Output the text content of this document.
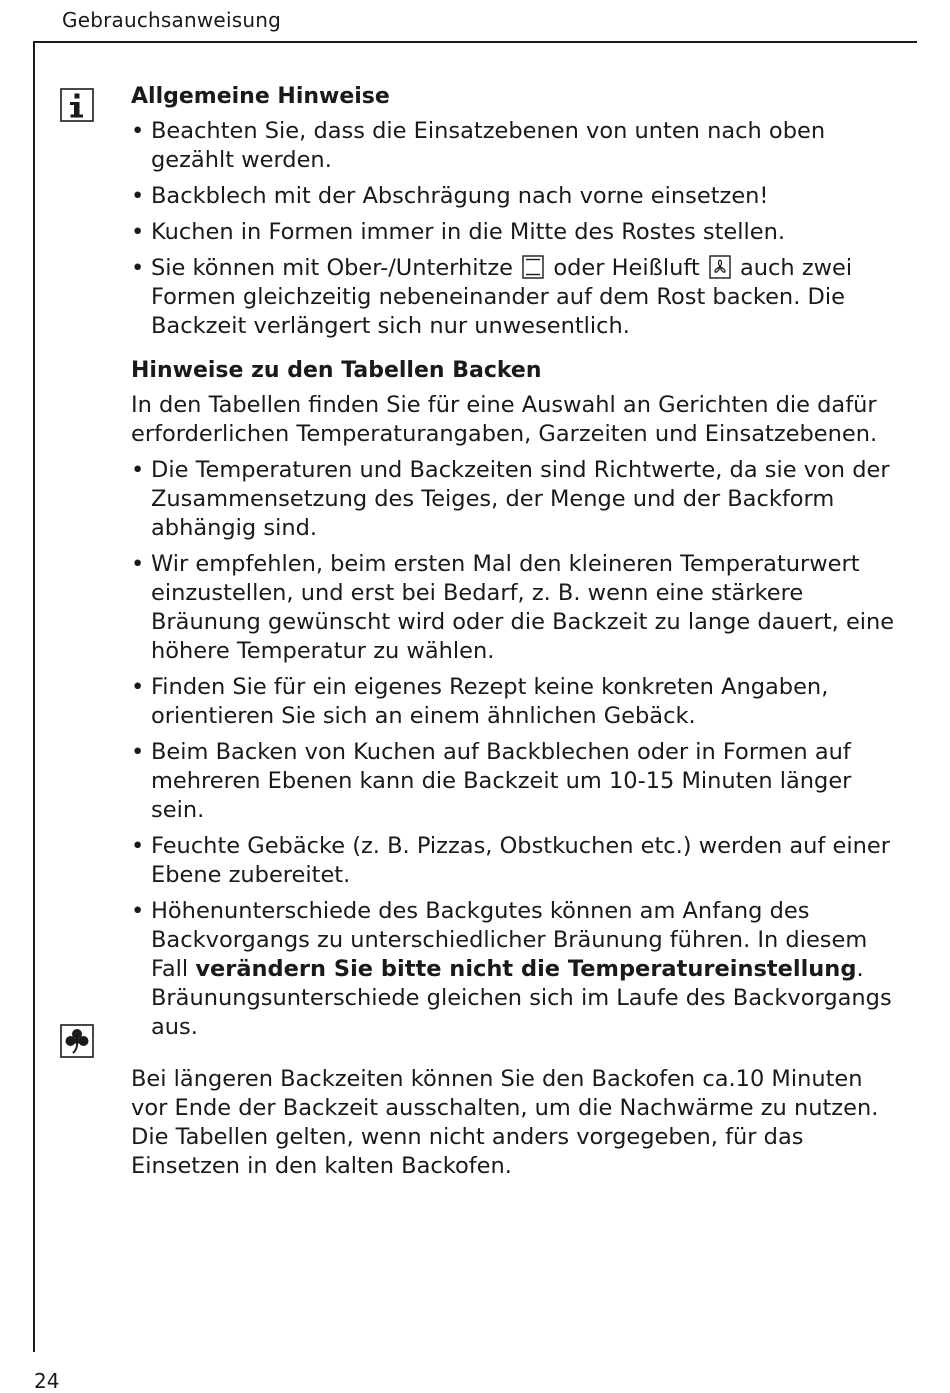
Gebrauchsanweisung
Allgemeine Hinweise
• Beachten Sie, dass die Einsatzebenen von unten nach oben gezählt werden.
• Backblech mit der Abschrägung nach vorne einsetzen!
• Kuchen in Formen immer in die Mitte des Rostes stellen.
• Sie können mit Ober-/Unterhitze oder Heißluft auch zwei Formen gleichzeitig nebeneinander auf dem Rost backen. Die Backzeit verlängert sich nur unwesentlich.
Hinweise zu den Tabellen Backen

In den Tabellen finden Sie für eine Auswahl an Gerichten die dafür erforderlichen Temperaturangaben, Garzeiten und Einsatzebenen.

• Die Temperaturen und Backzeiten sind Richtwerte, da sie von der Zusammensetzung des Teiges, der Menge und der Backform abhängig sind.
• Wir empfehlen, beim ersten Mal den kleineren Temperaturwert einzustellen, und erst bei Bedarf, z. B. wenn eine stärkere Bräunung gewünscht wird oder die Backzeit zu lange dauert, eine höhere Temperatur zu wählen.
• Finden Sie für ein eigenes Rezept keine konkreten Angaben, orientieren Sie sich an einem ähnlichen Gebäck.
• Beim Backen von Kuchen auf Backblechen oder in Formen auf mehreren Ebenen kann die Backzeit um 10-15 Minuten länger sein.
• Feuchte Gebäcke (z. B. Pizzas, Obstkuchen etc.) werden auf einer Ebene zubereitet.
• Höhenunterschiede des Backgutes können am Anfang des Backvorgangs zu unterschiedlicher Bräunung führen. In diesem Fall verändern Sie bitte nicht die Temperatureinstellung.
Bräunungsunterschiede gleichen sich im Laufe des Backvorgangs aus.

Bei längeren Backzeiten können Sie den Backofen ca.10 Minuten vor Ende der Backzeit ausschalten, um die Nachwärme zu nutzen.
Die Tabellen gelten, wenn nicht anders vorgegeben, für das Einsetzen in den kalten Backofen.

24
